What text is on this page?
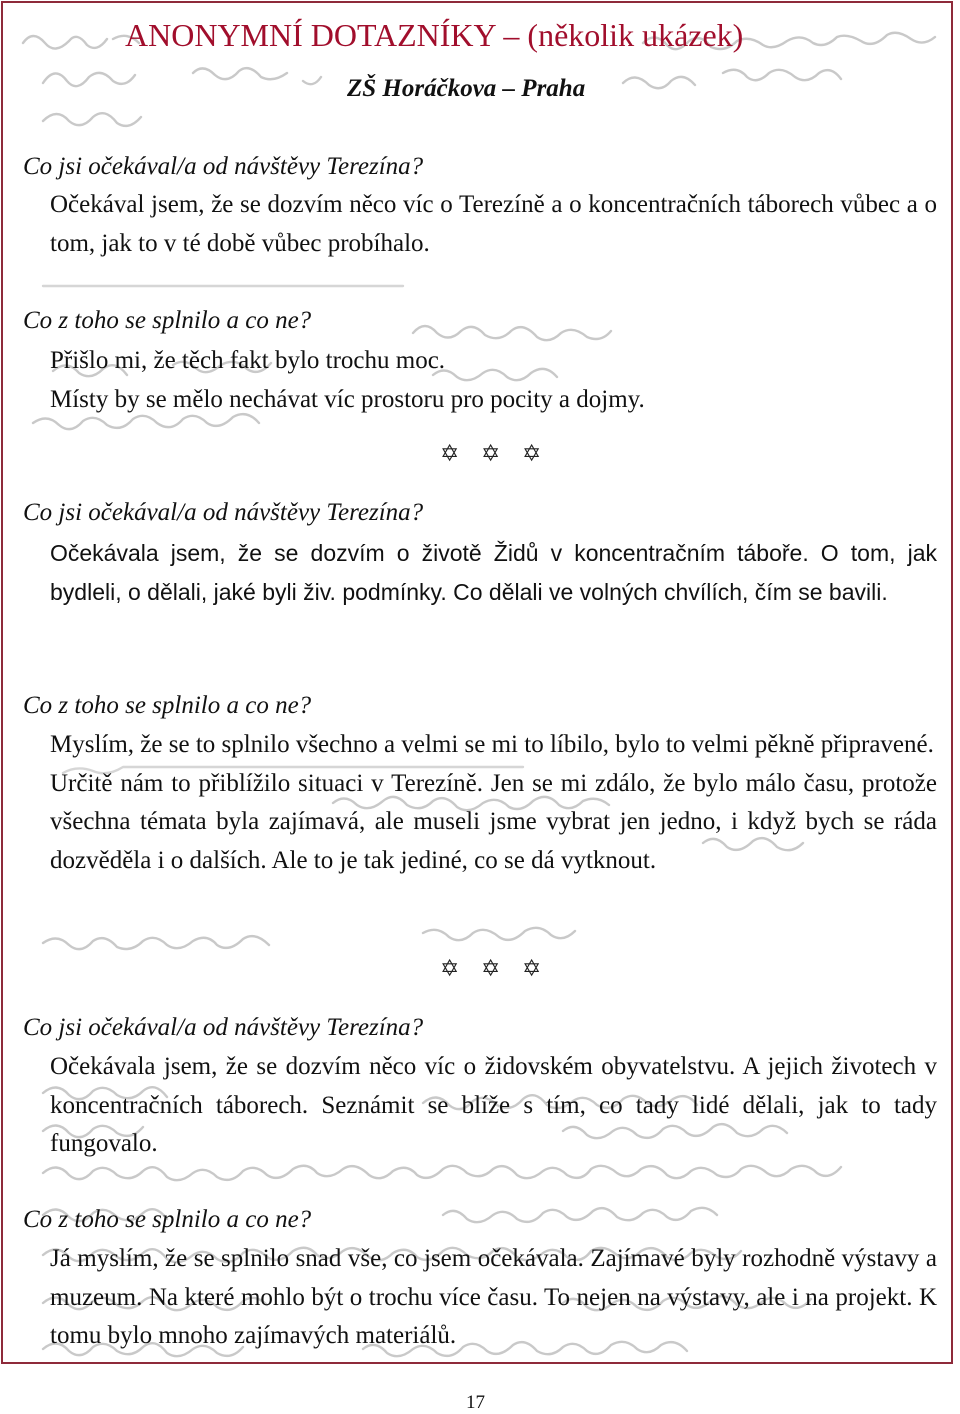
ANONYMNÍ DOTAZNÍKY – (několik ukázek)
ZŠ Horáčkova – Praha
Co jsi očekával/a od návštěvy Terezína?

Očekával jsem, že se dozvím něco víc o Terezíně a o koncentračních táborech vůbec a o tom, jak to v té době vůbec probíhalo.

Co z toho se splnilo a co ne?

Přišlo mi, že těch fakt bylo trochu moc.

Místy by se mělo nechávat víc prostoru pro pocity a dojmy.

✡ ✡ ✡
Co jsi očekával/a od návštěvy Terezína?

Očekávala jsem, že se dozvím o životě Židů v koncentračním táboře. O tom, jak bydleli, o dělali, jaké byli živ. podmínky. Co dělali ve volných chvílích, čím se bavili.

Co z toho se splnilo a co ne?

Myslím, že se to splnilo všechno a velmi se mi to líbilo, bylo to velmi pěkně připravené.

Určitě nám to přiblížilo situaci v Terezíně. Jen se mi zdálo, že bylo málo času, protože všechna témata byla zajímavá, ale museli jsme vybrat jen jedno, i když bych se ráda dozvěděla i o dalších. Ale to je tak jediné, co se dá vytknout.

✡ ✡ ✡
Co jsi očekával/a od návštěvy Terezína?

Očekávala jsem, že se dozvím něco víc o židovském obyvatelstvu. A jejich životech v koncentračních táborech. Seznámit se blíže s tím, co tady lidé dělali, jak to tady fungovalo.

Co z toho se splnilo a co ne?

Já myslím, že se splnilo snad vše, co jsem očekávala. Zajímavé byly rozhodně výstavy a muzeum. Na které mohlo být o trochu více času. To nejen na výstavy, ale i na projekt. K tomu bylo mnoho zajímavých materiálů.

17
